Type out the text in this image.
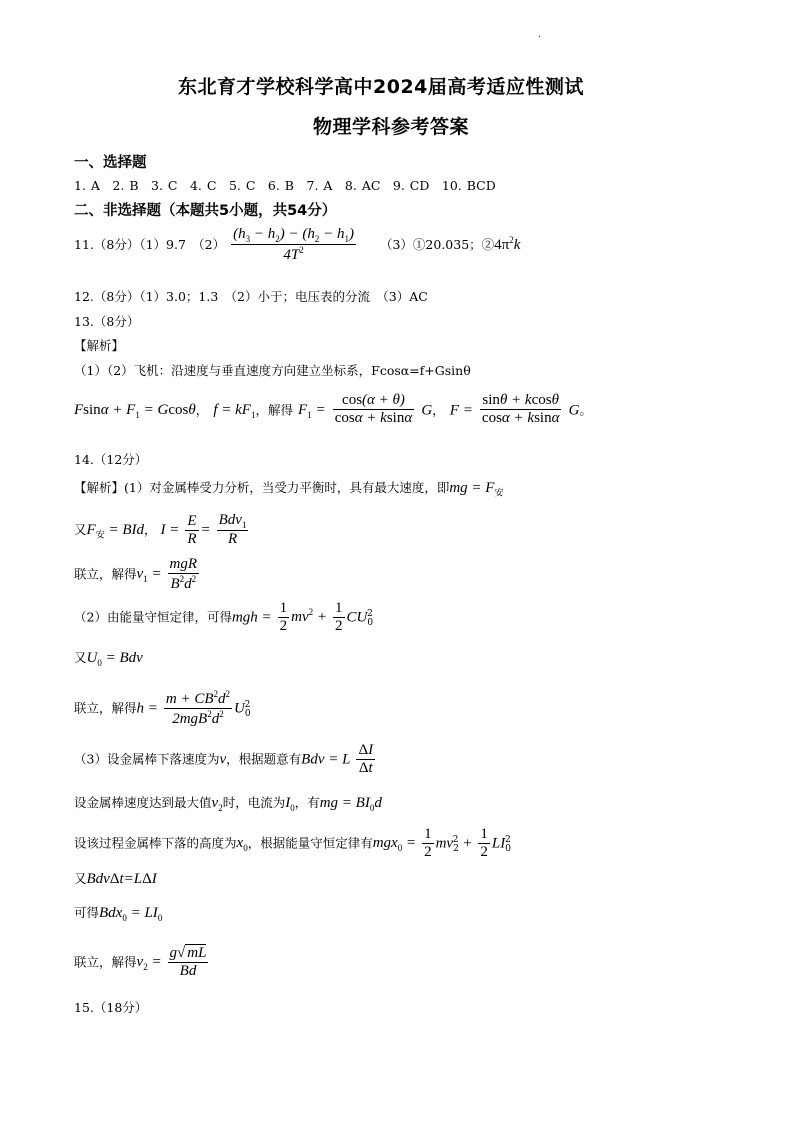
.
东北育才学校科学高中2024届高考适应性测试
物理学科参考答案
一、选择题
1. A　2. B　3. C　4. C　5. C　6. B　7. A　8. AC　9. CD　10. BCD
二、非选择题（本题共5小题，共54分）
11.（8分）（1）9.7　$(2) \frac{(h_3 - h_2) - (h_2 - h_1)}{4T^2}$ （3）①20.035；$②4\pi^2k$
12.（8分）（1）3.0；1.3　（2）小于；电压表的分流　（3）AC
13.（8分）
【解析】
（1）（2）飞机：沿速度与垂直速度方向建立坐标系，Fcosα=f+Gsinθ
$Fsin\alpha + F_1 = Gcos\theta$， $f = kF_1$，解得 $F_1 = \frac{\cos(\alpha + \theta)}{\cos\alpha + ksin\alpha}$ G， $F = \frac{\sin\theta + kcos\theta}{\cos\alpha + ksin\alpha}$ G。
14.（12分）
【解析】(1）对金属棒受力分析，当受力平衡时，具有最大速度，即mg = $F_安$
又$F_安$ = BId， $I = \frac{E}{R} = \frac{Bdv_1}{R}$
联立，解得$v_1 = \frac{\text{mgR}}{B^2d^2}$
（2）由能量守恒定律，可得mgh = $\frac{1}{2} mv^2 + \frac{1}{2} CU_0^2$
又$U_0$ = Bdv
联立，解得$h = \frac{m + CB^2d^2}{2mgB^2d^2} U_0^2$
（3）设金属棒下落速度为v，根据题意有Bdv = L $\frac{\Delta I}{\Delta t}$
设金属棒速度达到最大值$v_2$时，电流为$I_0$，有mg = $BI_0d$
设该过程金属棒下落的高度为$x_0$，根据能量守恒定律有$mgx_0 = \frac{1}{2} mv_2^2 + \frac{1}{2} LI_0^2$
又BdvΔt=LΔI
可得$Bdx_0 = LI_0$
联立，解得$v_2 = \frac{g√ mL}{Bd}$
15.（18分）
